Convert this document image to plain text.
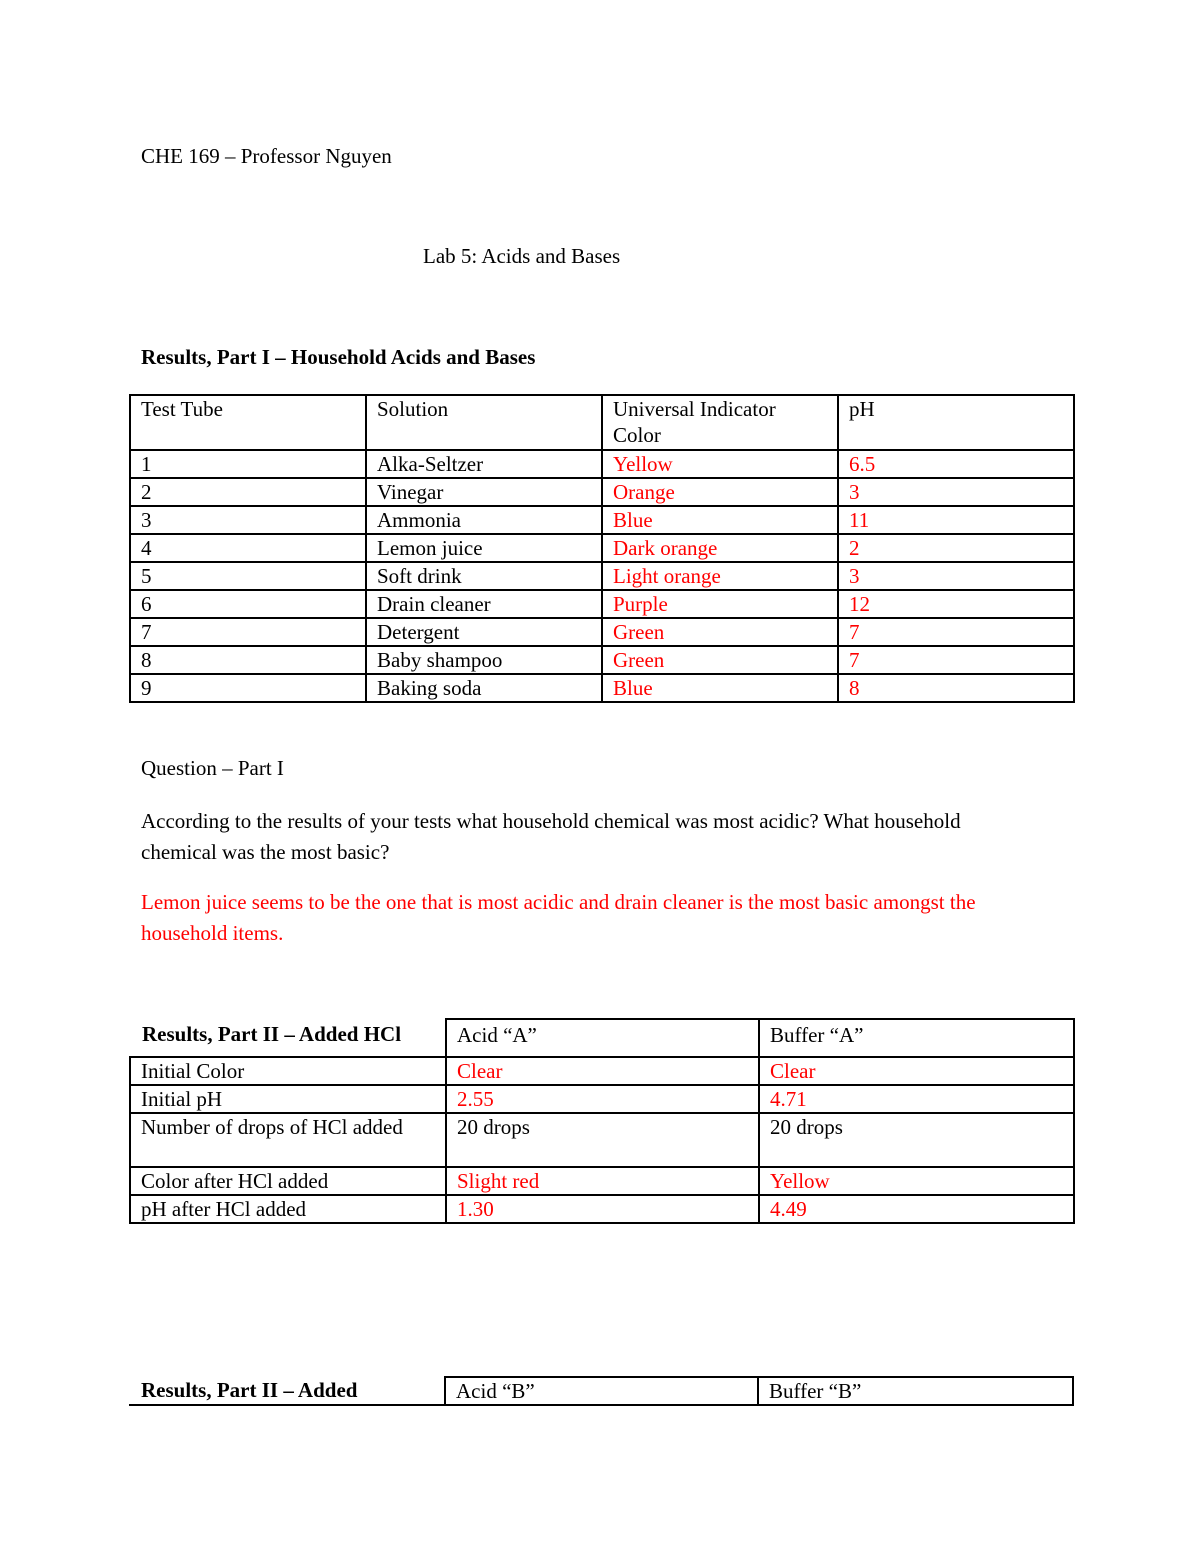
CHE 169 – Professor Nguyen
Lab 5: Acids and Bases
Results, Part I – Household Acids and Bases
Test Tube	Solution	Universal Indicator Color	pH
1	Alka-Seltzer	Yellow	6.5
2	Vinegar	Orange	3
3	Ammonia	Blue	11
4	Lemon juice	Dark orange	2
5	Soft drink	Light orange	3
6	Drain cleaner	Purple	12
7	Detergent	Green	7
8	Baby shampoo	Green	7
9	Baking soda	Blue	8
Question – Part I
According to the results of your tests what household chemical was most acidic? What household chemical was the most basic?
Lemon juice seems to be the one that is most acidic and drain cleaner is the most basic amongst the household items.
Results, Part II – Added HCl	Acid “A”	Buffer “A”
Initial Color	Clear	Clear
Initial pH	2.55	4.71
Number of drops of HCl added	20 drops	20 drops
Color after HCl added	Slight red	Yellow
pH after HCl added	1.30	4.49
Results, Part II – Added	Acid “B”	Buffer “B”
